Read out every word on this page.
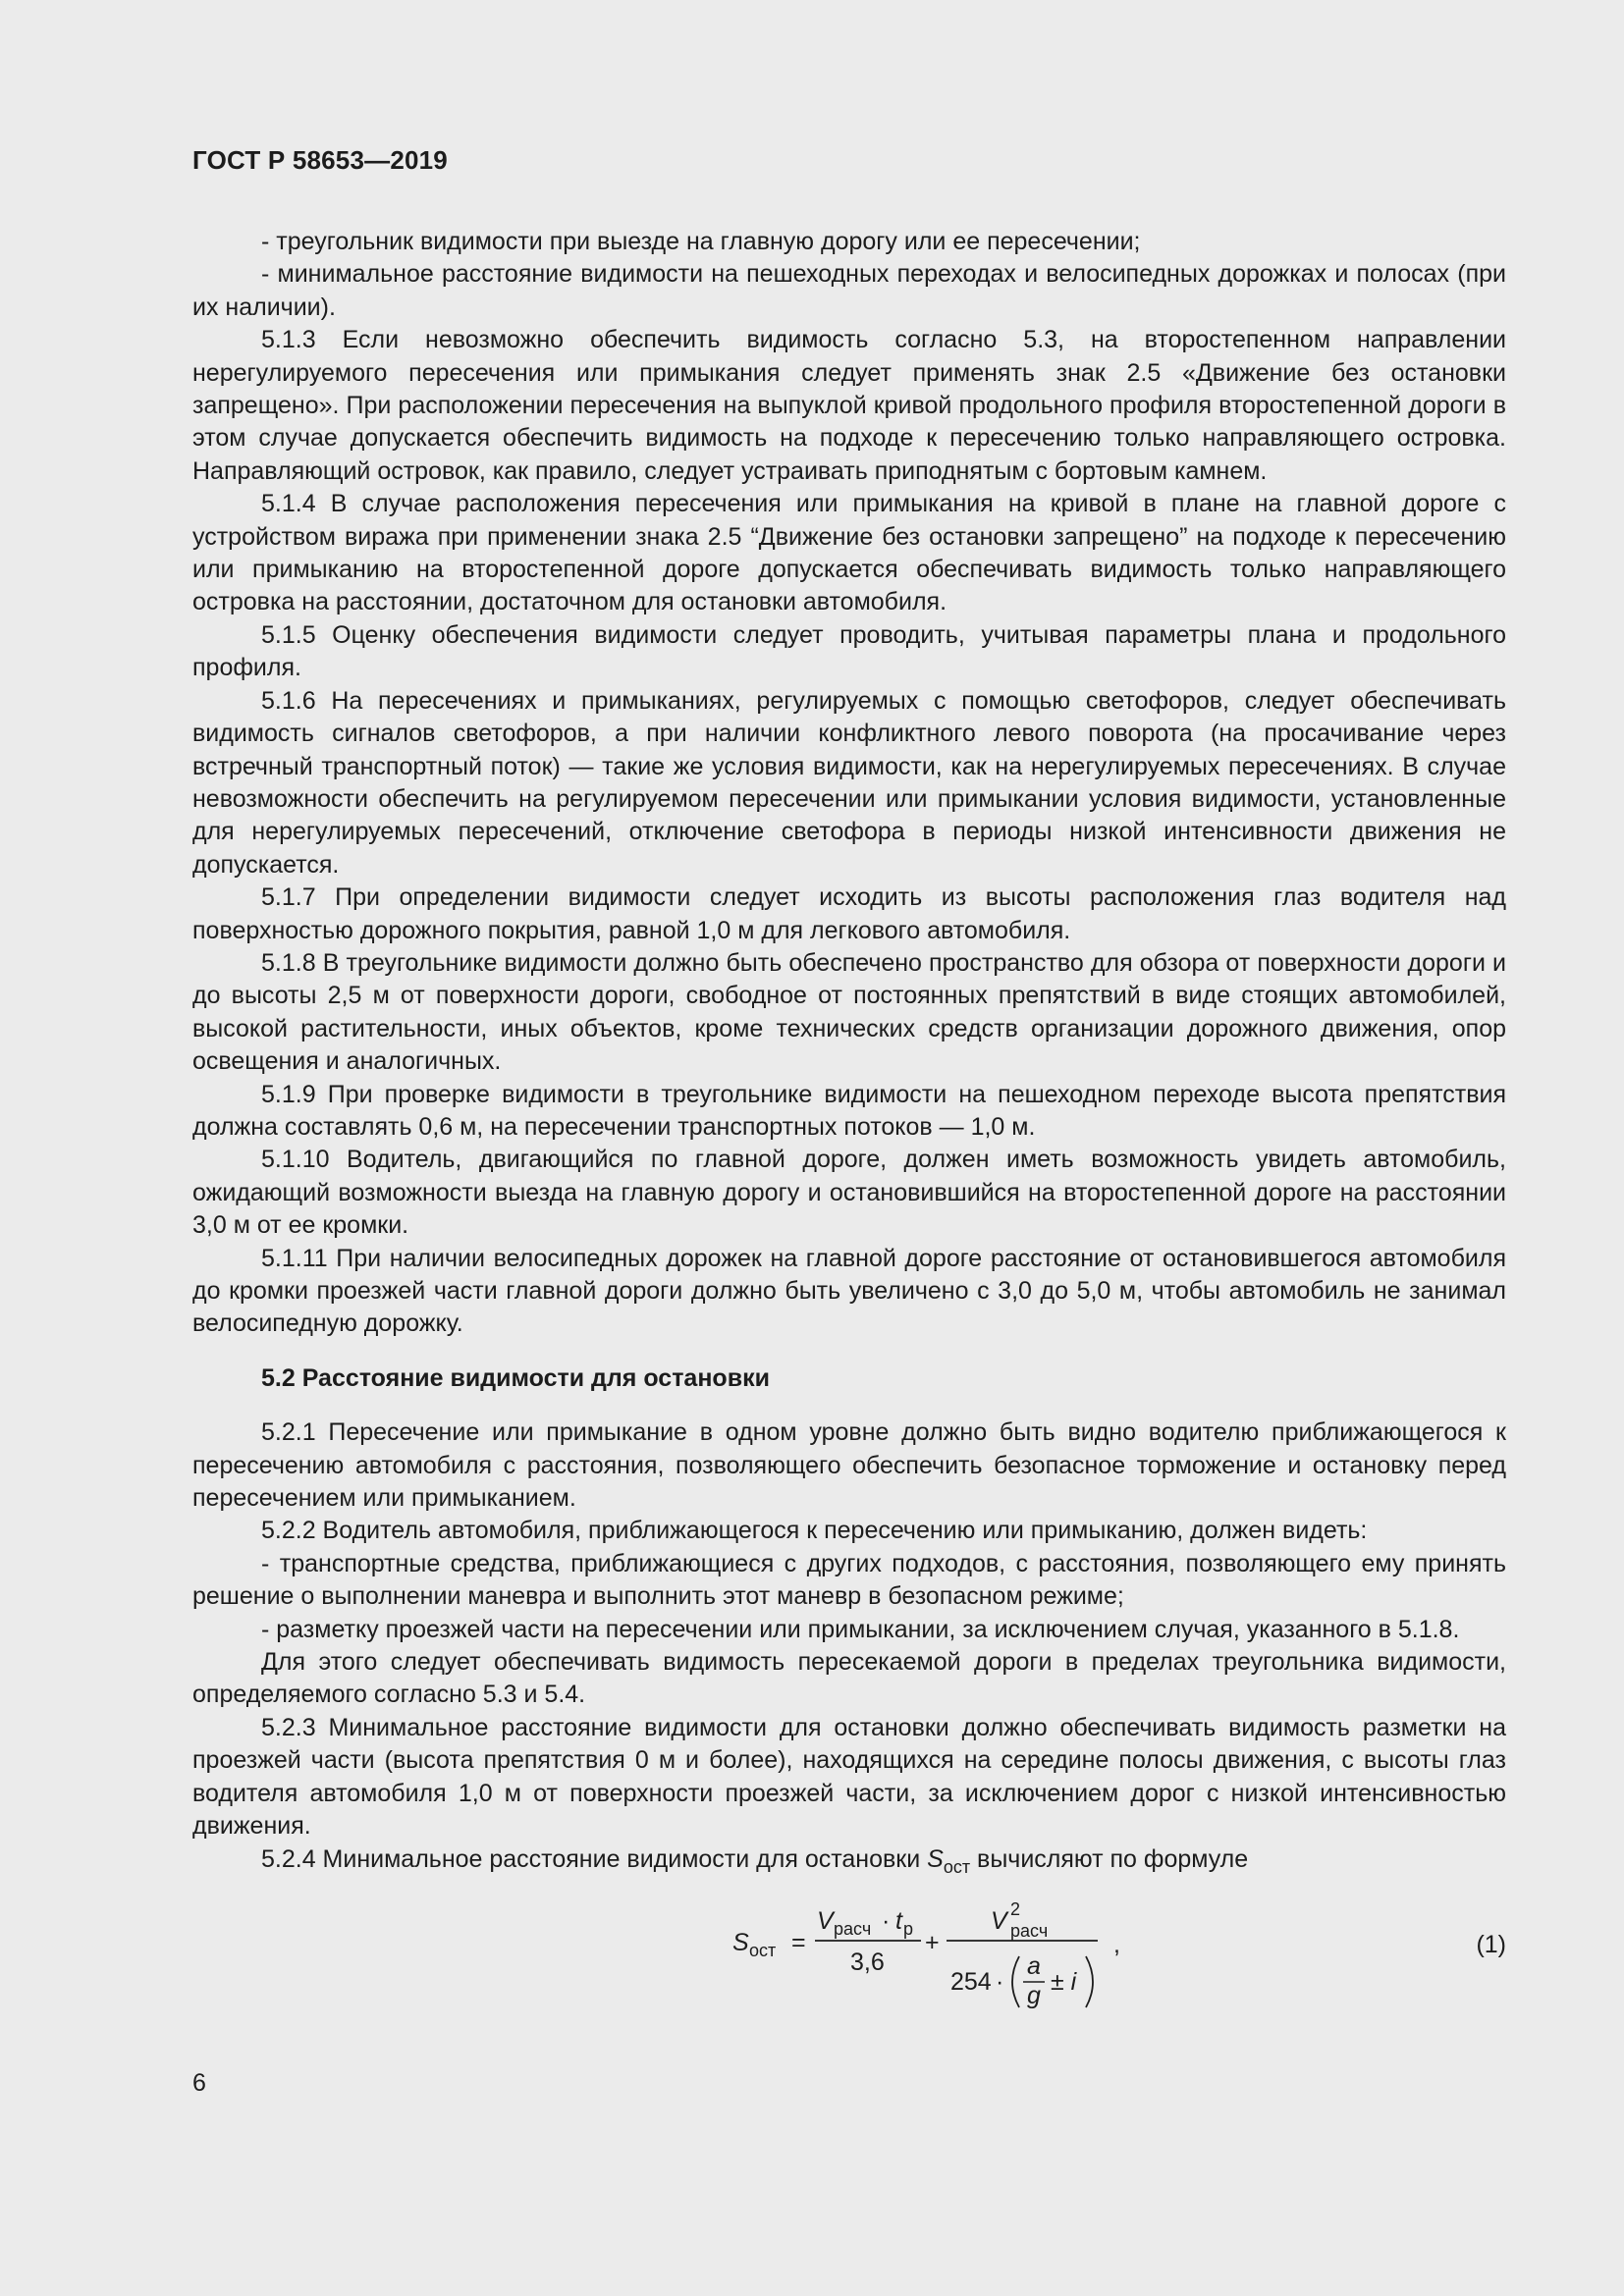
ГОСТ Р 58653—2019

- треугольник видимости при выезде на главную дорогу или ее пересечении;

- минимальное расстояние видимости на пешеходных переходах и велосипедных дорожках и полосах (при их наличии).

5.1.3 Если невозможно обеспечить видимость согласно 5.3, на второстепенном направлении нерегулируемого пересечения или примыкания следует применять знак 2.5 «Движение без остановки запрещено». При расположении пересечения на выпуклой кривой продольного профиля второстепенной дороги в этом случае допускается обеспечить видимость на подходе к пересечению только направляющего островка. Направляющий островок, как правило, следует устраивать приподнятым с бортовым камнем.

5.1.4 В случае расположения пересечения или примыкания на кривой в плане на главной дороге с устройством виража при применении знака 2.5 “Движение без остановки запрещено” на подходе к пересечению или примыканию на второстепенной дороге допускается обеспечивать видимость только направляющего островка на расстоянии, достаточном для остановки автомобиля.

5.1.5 Оценку обеспечения видимости следует проводить, учитывая параметры плана и продольного профиля.

5.1.6 На пересечениях и примыканиях, регулируемых с помощью светофоров, следует обеспечивать видимость сигналов светофоров, а при наличии конфликтного левого поворота (на просачивание через встречный транспортный поток) — такие же условия видимости, как на нерегулируемых пересечениях. В случае невозможности обеспечить на регулируемом пересечении или примыкании условия видимости, установленные для нерегулируемых пересечений, отключение светофора в периоды низкой интенсивности движения не допускается.

5.1.7 При определении видимости следует исходить из высоты расположения глаз водителя над поверхностью дорожного покрытия, равной 1,0 м для легкового автомобиля.

5.1.8 В треугольнике видимости должно быть обеспечено пространство для обзора от поверхности дороги и до высоты 2,5 м от поверхности дороги, свободное от постоянных препятствий в виде стоящих автомобилей, высокой растительности, иных объектов, кроме технических средств организации дорожного движения, опор освещения и аналогичных.

5.1.9 При проверке видимости в треугольнике видимости на пешеходном переходе высота препятствия должна составлять 0,6 м, на пересечении транспортных потоков — 1,0 м.

5.1.10 Водитель, двигающийся по главной дороге, должен иметь возможность увидеть автомобиль, ожидающий возможности выезда на главную дорогу и остановившийся на второстепенной дороге на расстоянии 3,0 м от ее кромки.

5.1.11 При наличии велосипедных дорожек на главной дороге расстояние от остановившегося автомобиля до кромки проезжей части главной дороги должно быть увеличено с 3,0 до 5,0 м, чтобы автомобиль не занимал велосипедную дорожку.

5.2 Расстояние видимости для остановки

5.2.1 Пересечение или примыкание в одном уровне должно быть видно водителю приближающегося к пересечению автомобиля с расстояния, позволяющего обеспечить безопасное торможение и остановку перед пересечением или примыканием.

5.2.2 Водитель автомобиля, приближающегося к пересечению или примыканию, должен видеть:

- транспортные средства, приближающиеся с других подходов, с расстояния, позволяющего ему принять решение о выполнении маневра и выполнить этот маневр в безопасном режиме;

- разметку проезжей части на пересечении или примыкании, за исключением случая, указанного в 5.1.8.

Для этого следует обеспечивать видимость пересекаемой дороги в пределах треугольника видимости, определяемого согласно 5.3 и 5.4.

5.2.3 Минимальное расстояние видимости для остановки должно обеспечивать видимость разметки на проезжей части (высота препятствия 0 м и более), находящихся на середине полосы движения, с высоты глаз водителя автомобиля 1,0 м от поверхности проезжей части, за исключением дорог с низкой интенсивностью движения.

5.2.4 Минимальное расстояние видимости для остановки $S_{ост}$ вычисляют по формуле

S ост =
V расч · t р
3,6
+
V 2
расч
254 ·
a
g ± i
,	(1)
6
